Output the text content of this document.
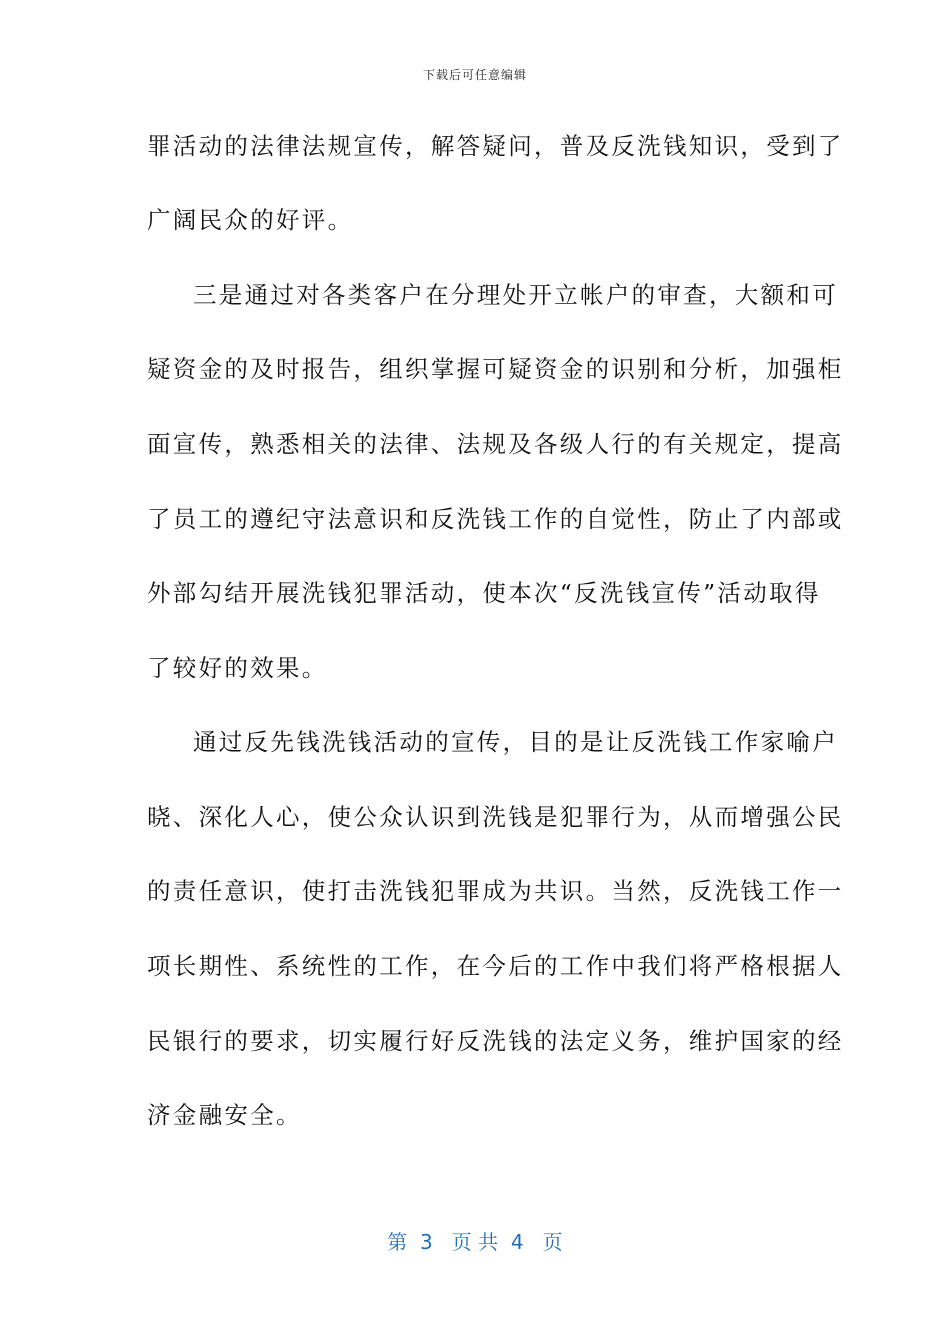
下载后可任意编辑
罪活动的法律法规宣传，解答疑问，普及反洗钱知识，受到了
广阔民众的好评。
三是通过对各类客户在分理处开立帐户的审查，大额和可
疑资金的及时报告，组织掌握可疑资金的识别和分析，加强柜
面宣传，熟悉相关的法律、法规及各级人行的有关规定，提高
了员工的遵纪守法意识和反洗钱工作的自觉性，防止了内部或
外部勾结开展洗钱犯罪活动，使本次“反洗钱宣传”活动取得
了较好的效果。
通过反先钱洗钱活动的宣传，目的是让反洗钱工作家喻户
晓、深化人心，使公众认识到洗钱是犯罪行为，从而增强公民
的责任意识，使打击洗钱犯罪成为共识。当然，反洗钱工作一
项长期性、系统性的工作，在今后的工作中我们将严格根据人
民银行的要求，切实履行好反洗钱的法定义务，维护国家的经
济金融安全。
第  3   页 共  4   页
